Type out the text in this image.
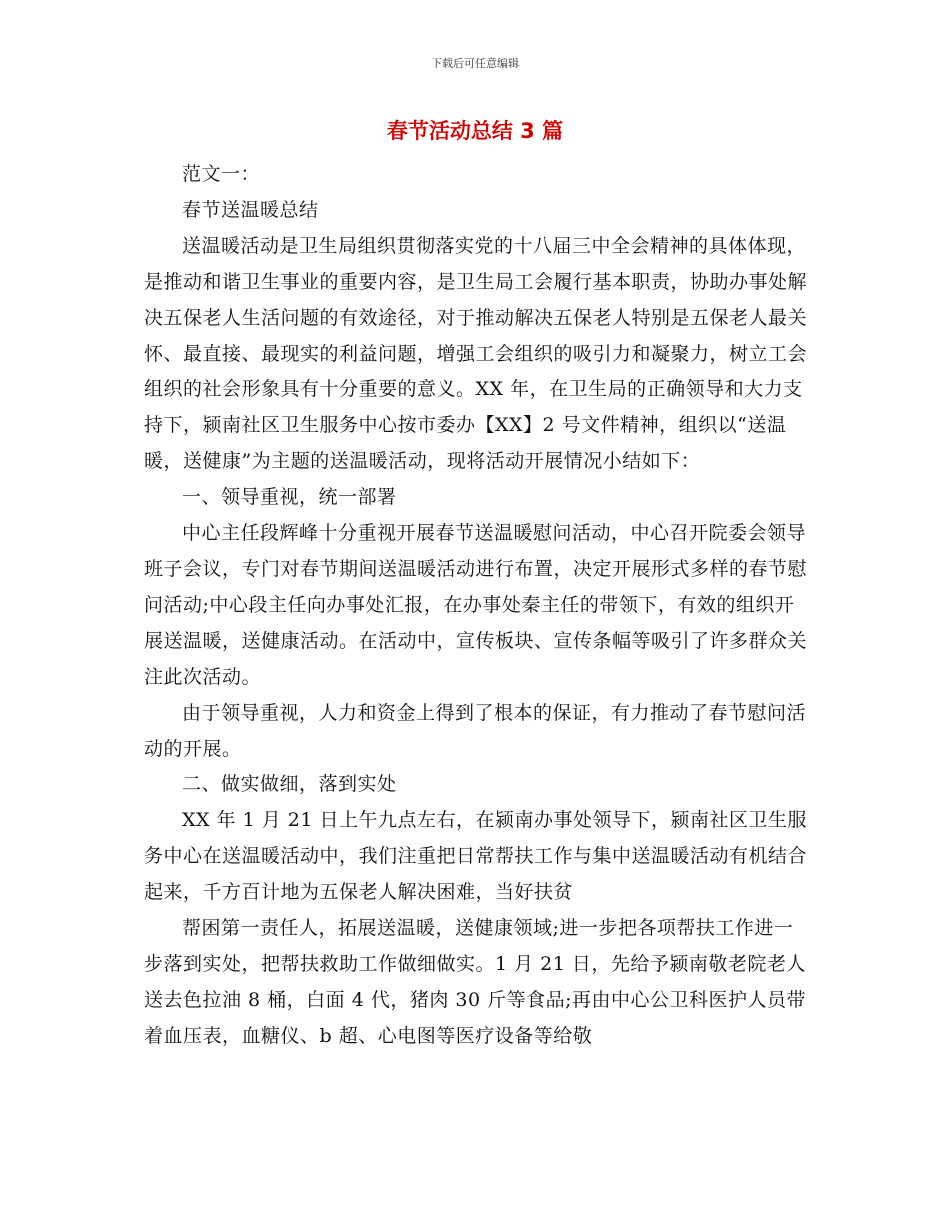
下载后可任意编辑
春节活动总结 3 篇

范文一：

春节送温暖总结

送温暖活动是卫生局组织贯彻落实党的十八届三中全会精神的具体体现，是推动和谐卫生事业的重要内容，是卫生局工会履行基本职责，协助办事处解决五保老人生活问题的有效途径，对于推动解决五保老人特别是五保老人最关怀、最直接、最现实的利益问题，增强工会组织的吸引力和凝聚力，树立工会组织的社会形象具有十分重要的意义。XX 年，在卫生局的正确领导和大力支持下，颍南社区卫生服务中心按市委办【XX】2 号文件精神，组织以“送温暖，送健康”为主题的送温暖活动，现将活动开展情况小结如下：

一、领导重视，统一部署

中心主任段辉峰十分重视开展春节送温暖慰问活动，中心召开院委会领导班子会议，专门对春节期间送温暖活动进行布置，决定开展形式多样的春节慰问活动;中心段主任向办事处汇报，在办事处秦主任的带领下，有效的组织开展送温暖，送健康活动。在活动中，宣传板块、宣传条幅等吸引了许多群众关注此次活动。

由于领导重视，人力和资金上得到了根本的保证，有力推动了春节慰问活动的开展。

二、做实做细，落到实处

XX 年 1 月 21 日上午九点左右，在颍南办事处领导下，颍南社区卫生服务中心在送温暖活动中，我们注重把日常帮扶工作与集中送温暖活动有机结合起来，千方百计地为五保老人解决困难，当好扶贫

帮困第一责任人，拓展送温暖，送健康领域;进一步把各项帮扶工作进一步落到实处，把帮扶救助工作做细做实。1 月 21 日，先给予颍南敬老院老人送去色拉油 8 桶，白面 4 代，猪肉 30 斤等食品;再由中心公卫科医护人员带着血压表，血糖仪、b 超、心电图等医疗设备等给敬
